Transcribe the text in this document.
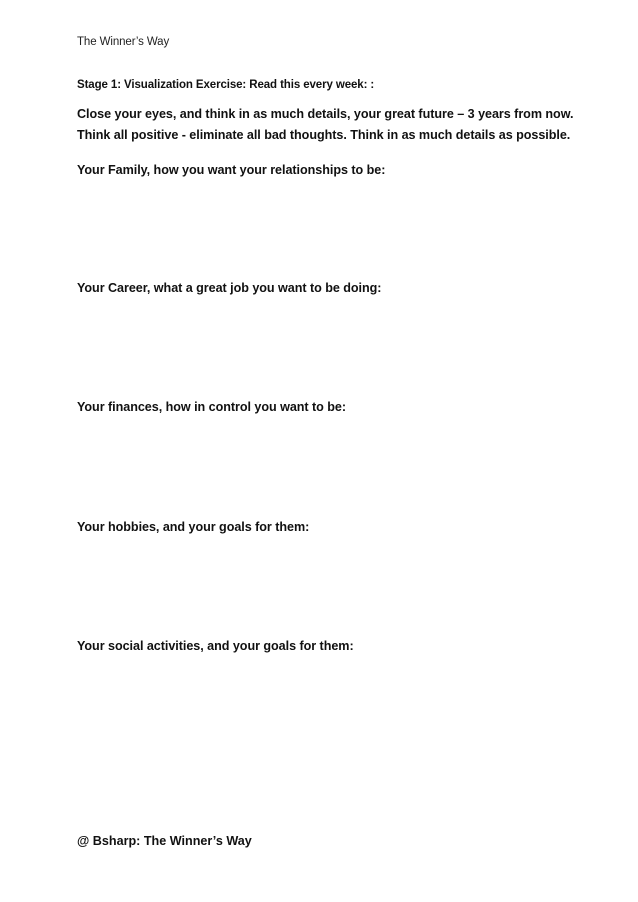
The Winner’s Way
Stage 1: Visualization Exercise: Read this every week: :

Close your eyes, and think in as much details, your great future – 3 years from now.

Think all positive - eliminate all bad thoughts. Think in as much details as possible.

Your Family, how you want your relationships to be:
Your Career, what a great job you want to be doing:
Your finances, how in control you want to be:
Your hobbies, and your goals for them:
Your social activities, and your goals for them:
@ Bsharp: The Winner’s Way
